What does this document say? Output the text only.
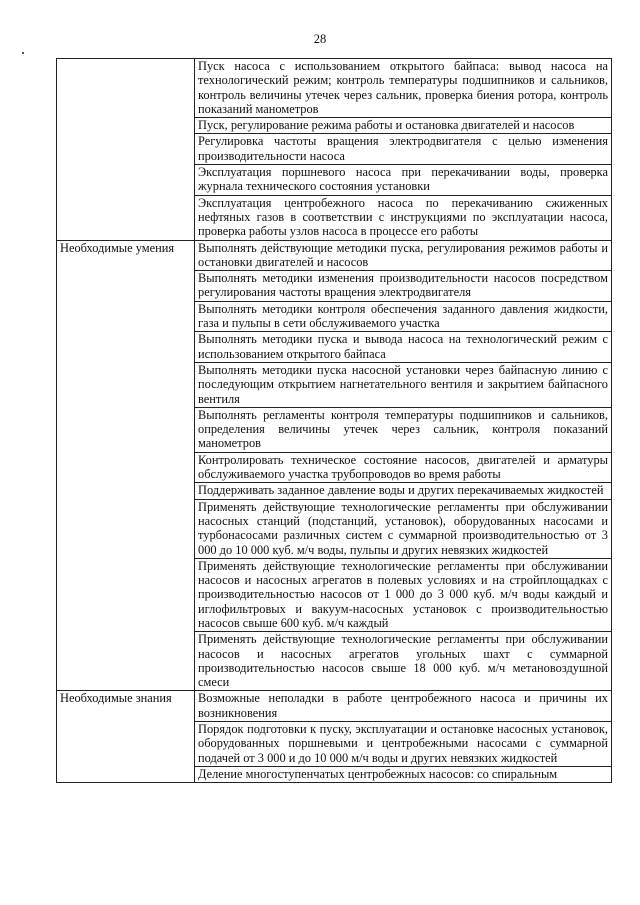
28
	Пуск насоса с использованием открытого байпаса: вывод насоса на технологический режим; контроль температуры подшипников и сальников, контроль величины утечек через сальник, проверка биения ротора, контроль показаний манометров
	Пуск, регулирование режима работы и остановка двигателей и насосов
	Регулировка частоты вращения электродвигателя с целью изменения производительности насоса
	Эксплуатация поршневого насоса при перекачивании воды, проверка журнала технического состояния установки
	Эксплуатация центробежного насоса по перекачиванию сжиженных нефтяных газов в соответствии с инструкциями по эксплуатации насоса, проверка работы узлов насоса в процессе его работы
Необходимые умения	Выполнять действующие методики пуска, регулирования режимов работы и остановки двигателей и насосов
	Выполнять методики изменения производительности насосов посредством регулирования частоты вращения электродвигателя
	Выполнять методики контроля обеспечения заданного давления жидкости, газа и пульпы в сети обслуживаемого участка
	Выполнять методики пуска и вывода насоса на технологический режим с использованием открытого байпаса
	Выполнять методики пуска насосной установки через байпасную линию с последующим открытием нагнетательного вентиля и закрытием байпасного вентиля
	Выполнять регламенты контроля температуры подшипников и сальников, определения величины утечек через сальник, контроля показаний манометров
	Контролировать техническое состояние насосов, двигателей и арматуры обслуживаемого участка трубопроводов во время работы
	Поддерживать заданное давление воды и других перекачиваемых жидкостей
	Применять действующие технологические регламенты при обслуживании насосных станций (подстанций, установок), оборудованных насосами и турбонасосами различных систем с суммарной производительностью от 3 000 до 10 000 куб. м/ч воды, пульпы и других невязких жидкостей
	Применять действующие технологические регламенты при обслуживании насосов и насосных агрегатов в полевых условиях и на стройплощадках с производительностью насосов от 1 000 до 3 000 куб. м/ч воды каждый и иглофильтровых и вакуум-насосных установок с производительностью насосов свыше 600 куб. м/ч каждый
	Применять действующие технологические регламенты при обслуживании насосов и насосных агрегатов угольных шахт с суммарной производительностью насосов свыше 18 000 куб. м/ч метановоздушной смеси
Необходимые знания	Возможные неполадки в работе центробежного насоса и причины их возникновения
	Порядок подготовки к пуску, эксплуатации и остановке насосных установок, оборудованных поршневыми и центробежными насосами с суммарной подачей от 3 000 и до 10 000 м/ч воды и других невязких жидкостей
	Деление многоступенчатых центробежных насосов: со спиральным
